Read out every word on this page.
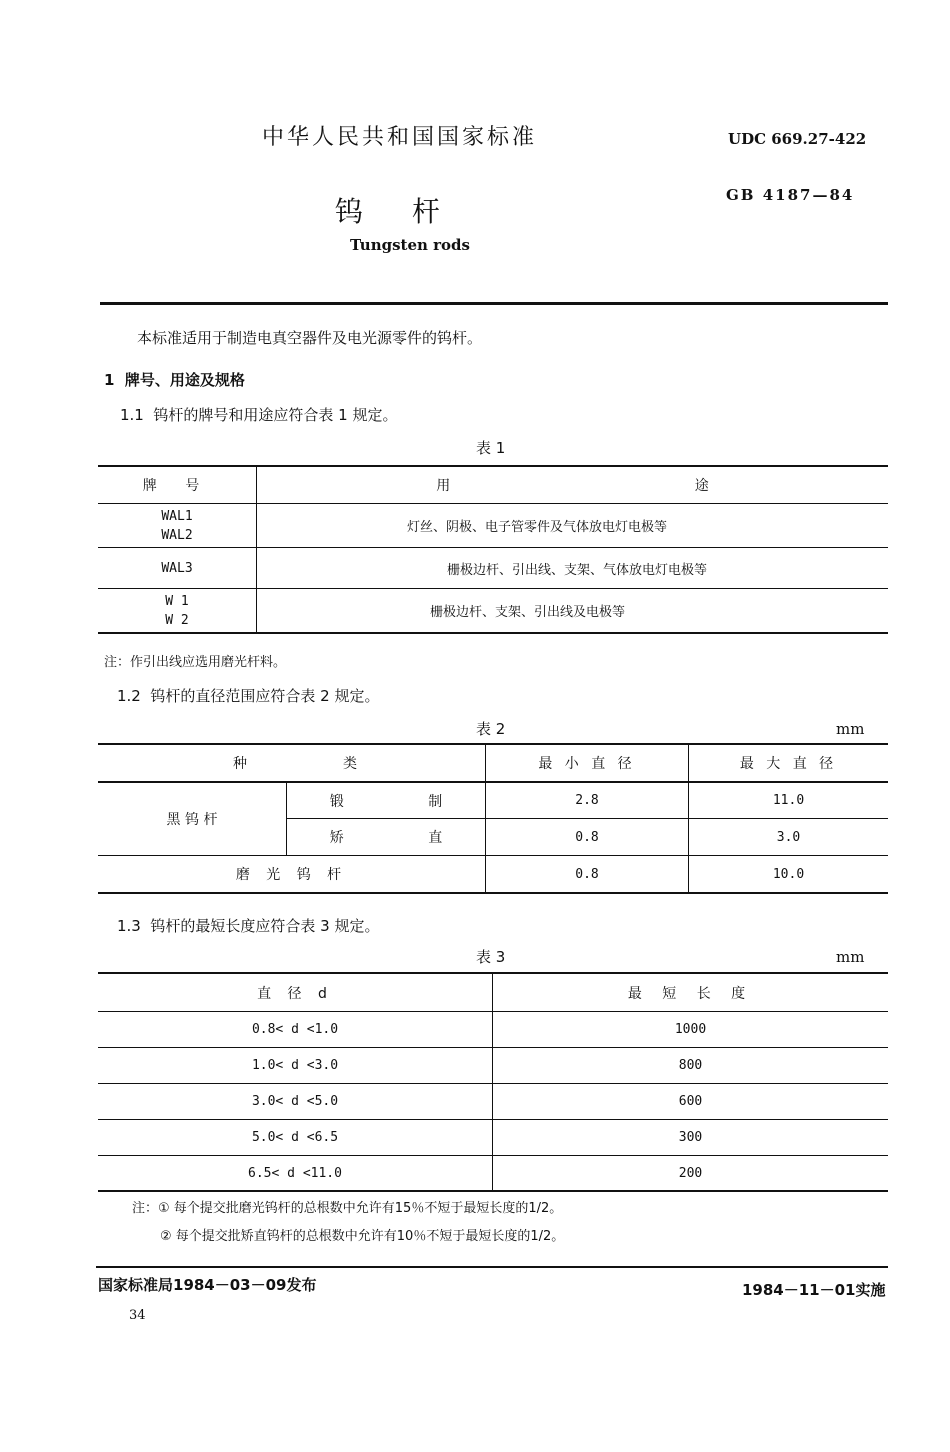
中华人民共和国国家标准	UDC 669.27-422
GB 4187—84
钨 杆
Tungsten rods
本标准适用于制造电真空器件及电光源零件的钨杆。
1  牌号、用途及规格
1.1  钨杆的牌号和用途应符合表 1 规定。
表 1
牌 号	用 途
WAL1
WAL2	灯丝、阴极、电子管零件及气体放电灯电极等
WAL3	栅极边杆、引出线、支架、气体放电灯电极等
W 1
W 2	栅极边杆、支架、引出线及电极等
注：作引出线应选用磨光杆料。
1.2  钨杆的直径范围应符合表 2 规定。
表 2	mm
种	类	最 小 直 径	最 大 直 径
黑 钨 杆
锻 制	2.8	11.0
矫 直	0.8	3.0
磨 光 钨 杆	0.8	10.0
1.3  钨杆的最短长度应符合表 3 规定。
表 3	mm
直 径 d	最 短 长 度
0.8< d <1.0	1000
1.0< d <3.0	800
3.0< d <5.0	600
5.0< d <6.5	300
6.5< d <11.0	200
注：① 每个提交批磨光钨杆的总根数中允许有15％不短于最短长度的1/2。
② 每个提交批矫直钨杆的总根数中允许有10％不短于最短长度的1/2。
国家标准局1984－03－09发布	1984－11－01实施
34
